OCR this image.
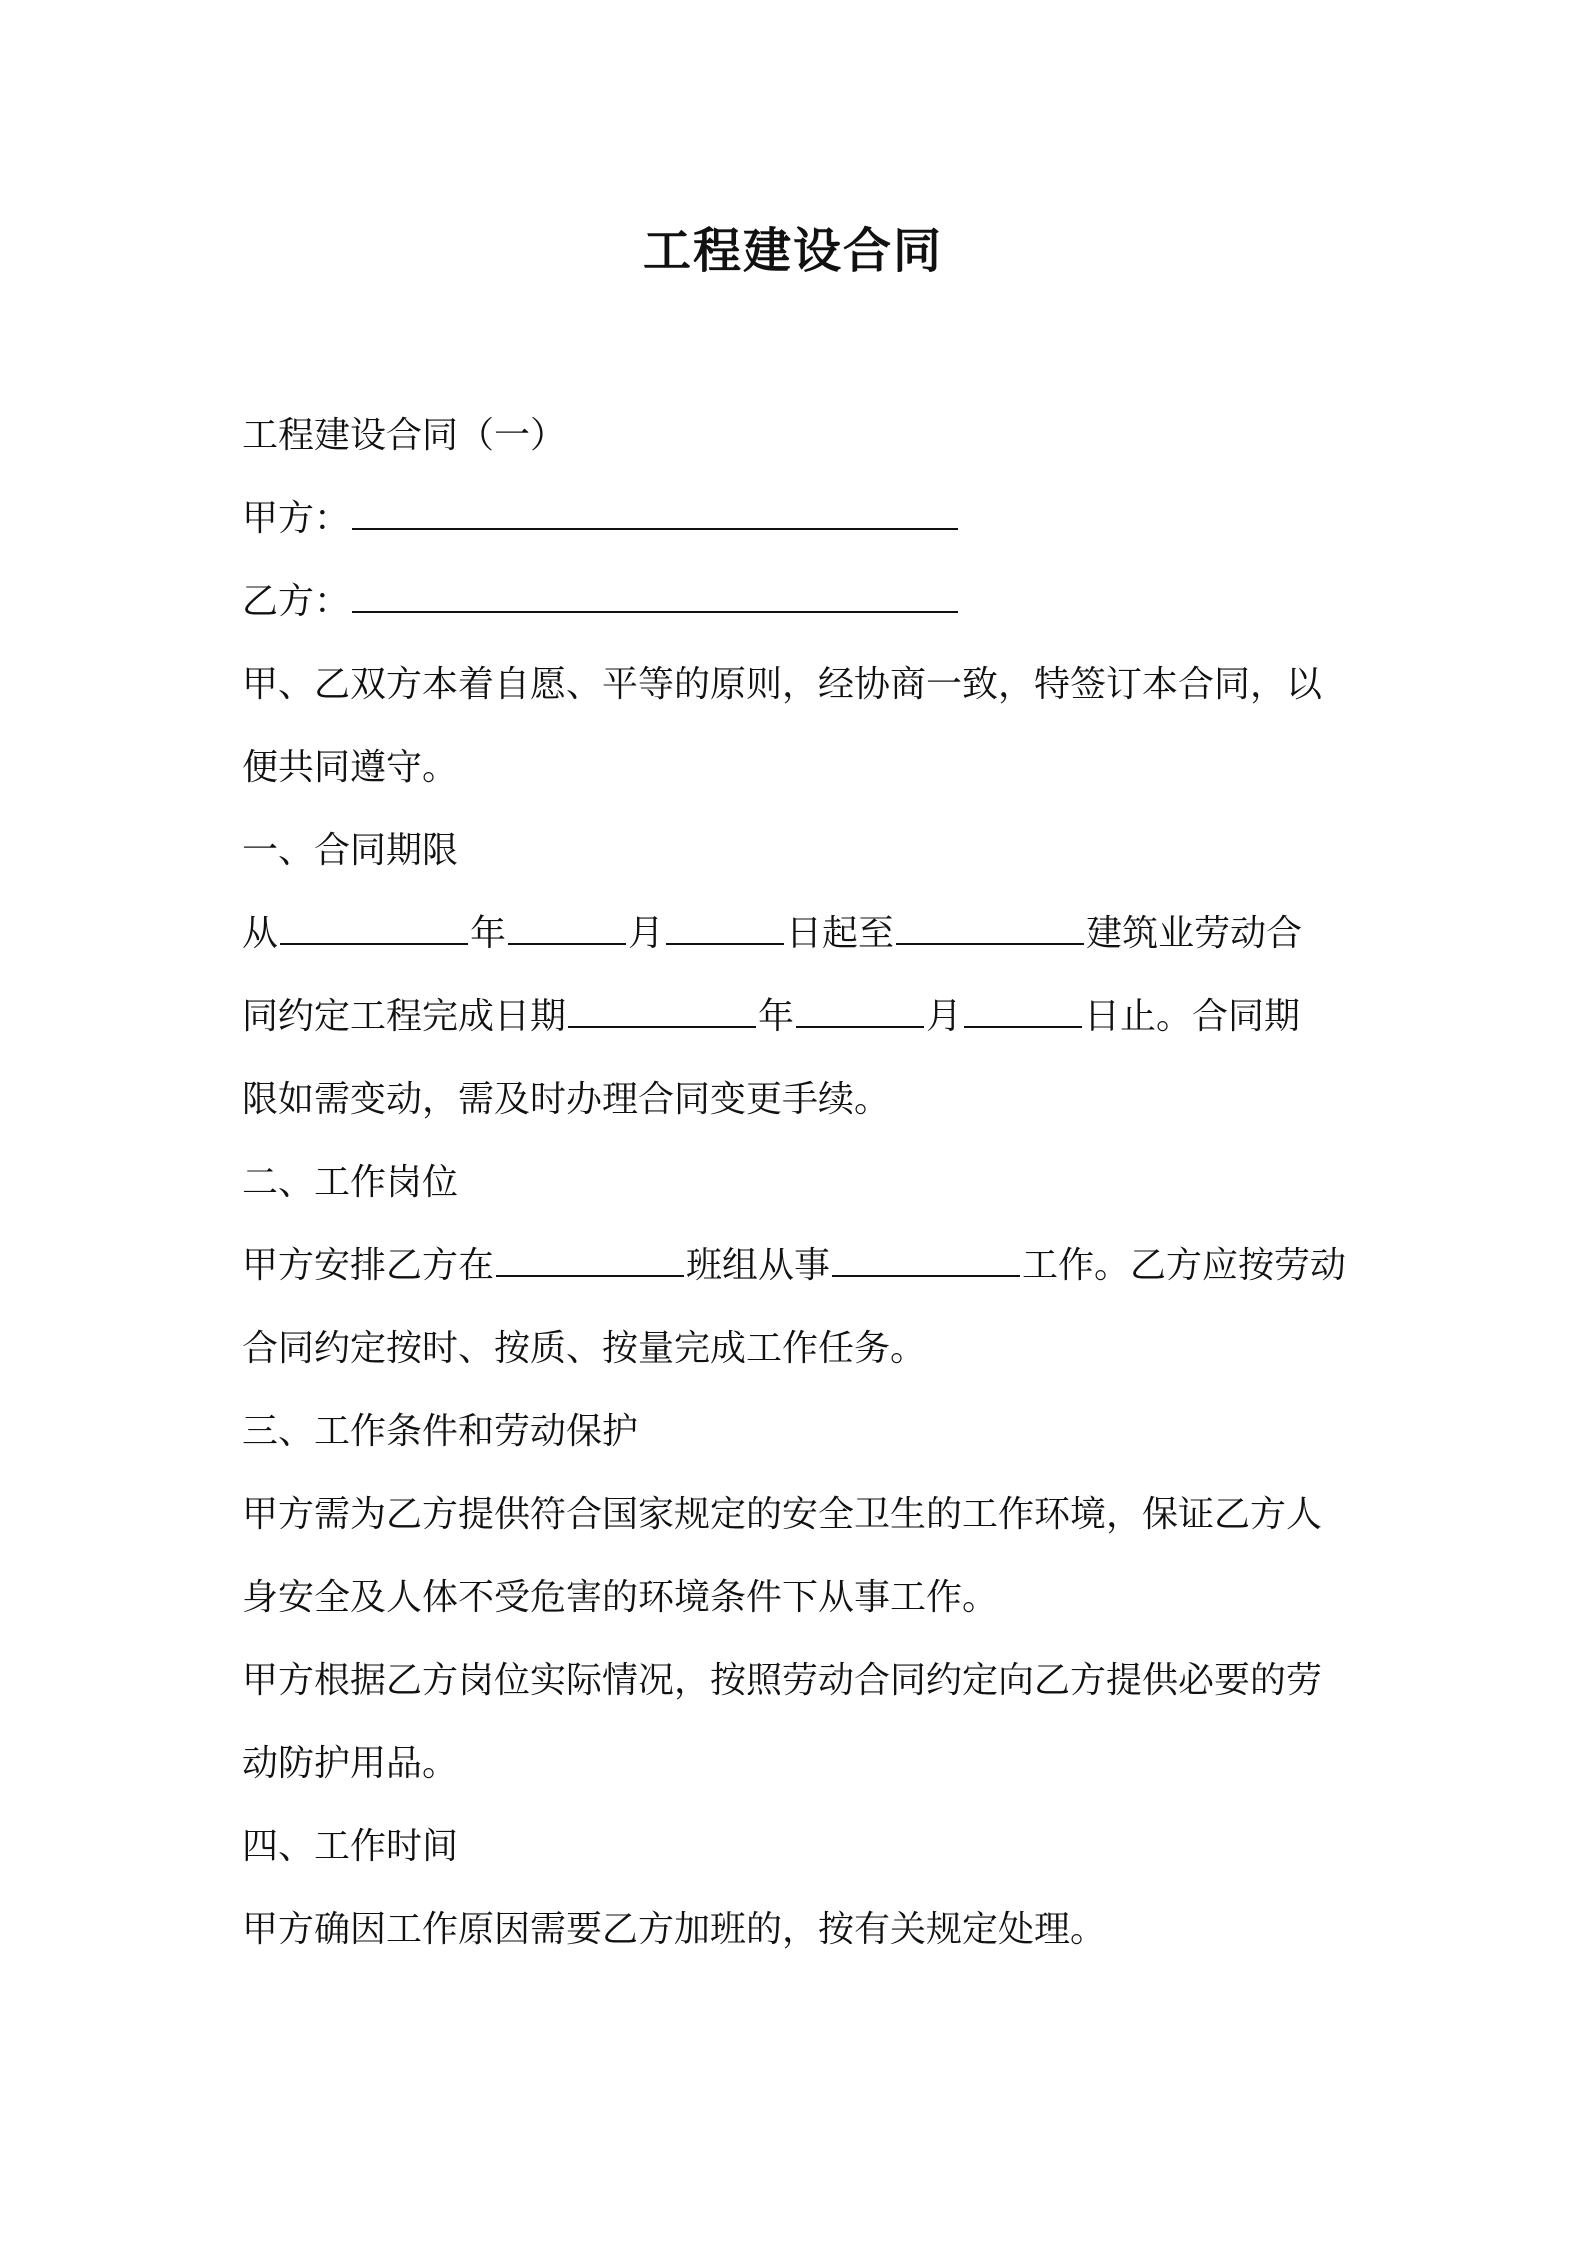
工程建设合同
工程建设合同（一）
甲方：
乙方：
甲、乙双方本着自愿、平等的原则，经协商一致，特签订本合同，以
便共同遵守。
一、合同期限
从	年	月	日起至	建筑业劳动合
同约定工程完成日期	年	月	日止。合同期
限如需变动，需及时办理合同变更手续。
二、工作岗位
甲方安排乙方在	班组从事	工作。乙方应按劳动
合同约定按时、按质、按量完成工作任务。
三、工作条件和劳动保护
甲方需为乙方提供符合国家规定的安全卫生的工作环境，保证乙方人
身安全及人体不受危害的环境条件下从事工作。
甲方根据乙方岗位实际情况，按照劳动合同约定向乙方提供必要的劳
动防护用品。
四、工作时间
甲方确因工作原因需要乙方加班的，按有关规定处理。
